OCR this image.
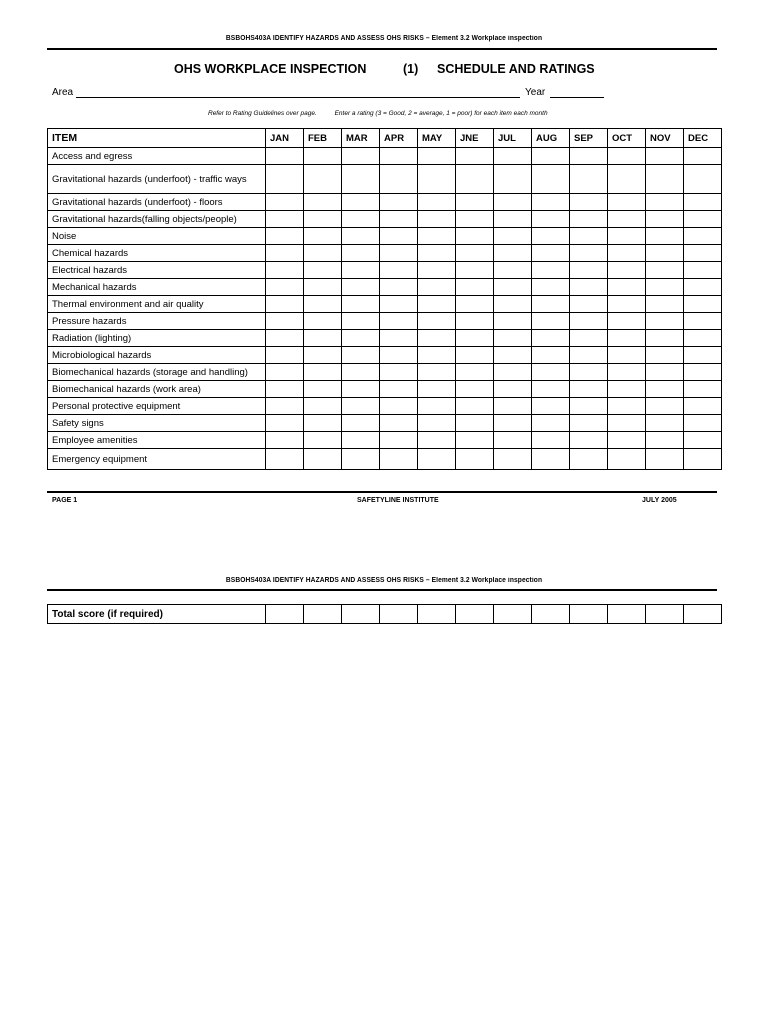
BSBOHS403A IDENTIFY HAZARDS AND ASSESS OHS RISKS – Element 3.2 Workplace inspection
OHS WORKPLACE INSPECTION	(1) SCHEDULE AND RATINGS
Area	Year
Refer to Rating Guidelines over page.	Enter a rating (3 = Good, 2 = average, 1 = poor) for each item each month
ITEM	JAN	FEB	MAR	APR	MAY	JNE	JUL	AUG	SEP	OCT	NOV	DEC
Access and egress												
Gravitational hazards (underfoot) - traffic ways												
Gravitational hazards (underfoot) - floors												
Gravitational hazards(falling objects/people)												
Noise												
Chemical hazards												
Electrical hazards												
Mechanical hazards												
Thermal environment and air quality												
Pressure hazards												
Radiation (lighting)												
Microbiological hazards												
Biomechanical hazards (storage and handling)												
Biomechanical hazards (work area)												
Personal protective equipment												
Safety signs												
Employee amenities												
Emergency equipment												
PAGE 1	SAFETYLINE INSTITUTE	JULY 2005
BSBOHS403A IDENTIFY HAZARDS AND ASSESS OHS RISKS – Element 3.2 Workplace inspection
Total score (if required)												
